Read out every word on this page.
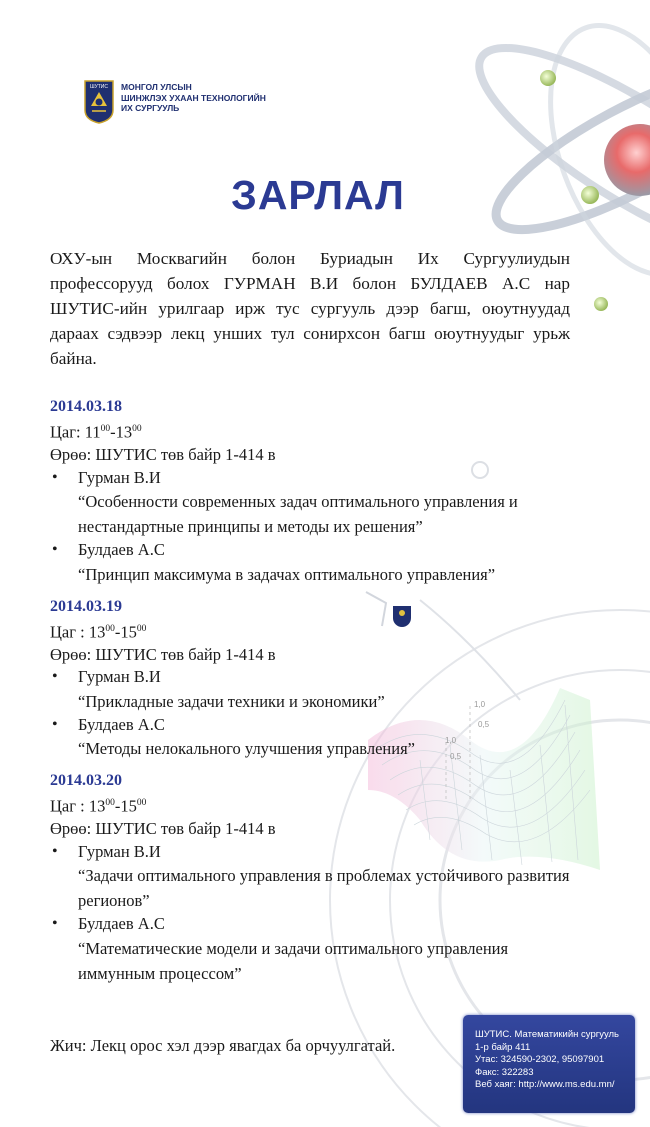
1,0
0,5
1,0
0,5
ШУТИС МОНГОЛ УЛСЫН
ШИНЖЛЭХ УХААН ТЕХНОЛОГИЙН
ИХ СУРГУУЛЬ
ЗАРЛАЛ

ОХУ-ын Москвагийн болон Буриадын Их Сургуулиудын профессорууд болох ГУРМАН В.И болон БУЛДАЕВ А.С нар ШУТИС-ийн урилгаар ирж тус сургууль дээр багш, оюутнуудад дараах сэдвээр лекц унших тул сонирхсон багш оюутнуудыг урьж байна.

2014.03.18
Цаг: $11^{00}-13^{00}$
Өрөө: ШУТИС төв байр 1-414 в
• Гурман В.И
“Особенности современных задач оптимального управления и нестандартные принципы и методы их решения”
• Булдаев А.С
“Принцип максимума в задачах оптимального управления”
2014.03.19
Цаг : $13^{00}-15^{00}$
Өрөө: ШУТИС төв байр 1-414 в
• Гурман В.И
“Прикладные задачи техники и экономики”
• Булдаев А.С
“Методы нелокального улучшения управления”
2014.03.20
Цаг : $13^{00}-15^{00}$
Өрөө: ШУТИС төв байр 1-414 в
• Гурман В.И
“Задачи оптимального управления в проблемах устойчивого развития регионов”
• Булдаев А.С
“Математические модели и задачи оптимального управления иммунным процессом”
Жич: Лекц орос хэл дээр явагдах ба орчуулгатай.
ШУТИС. Математикийн сургууль
1-р байр 411
Утас: 324590-2302, 95097901
Факс: 322283
Веб хаяг: http://www.ms.edu.mn/
